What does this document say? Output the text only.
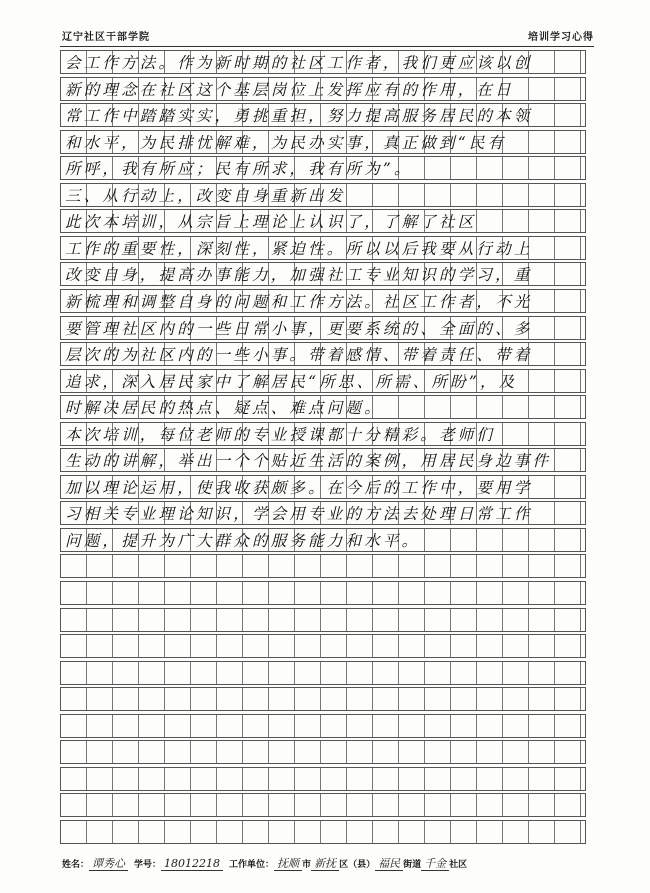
辽宁社区干部学院	培训学习心得
会工作方法。作为新时期的社区工作者，我们更应该以创
新的理念在社区这个基层岗位上发挥应有的作用，在日
常工作中踏踏实实，勇挑重担，努力提高服务居民的本领
和水平，为民排忧解难，为民办实事，真正做到“民有
所呼，我有所应；民有所求，我有所为”。
三、从行动上，改变自身重新出发
此次本培训，从宗旨上理论上认识了，了解了社区
工作的重要性，深刻性，紧迫性。所以以后我要从行动上
改变自身，提高办事能力，加强社工专业知识的学习，重
新梳理和调整自身的问题和工作方法。社区工作者，不光
要管理社区内的一些日常小事，更要系统的、全面的、多
层次的为社区内的一些小事。带着感情、带着责任、带着
追求，深入居民家中了解居民“所思、所需、所盼”，及
时解决居民的热点、疑点、难点问题。
本次培训，每位老师的专业授课都十分精彩。老师们
生动的讲解，举出一个个贴近生活的案例，用居民身边事件
加以理论运用，使我收获颇多。在今后的工作中，要用学
习相关专业理论知识，学会用专业的方法去处理日常工作
问题，提升为广大群众的服务能力和水平。
姓名： 谭秀心 学号： 18012218 工作单位： 抚顺 市 新抚 区（县） 福民 街道 千金 社区
